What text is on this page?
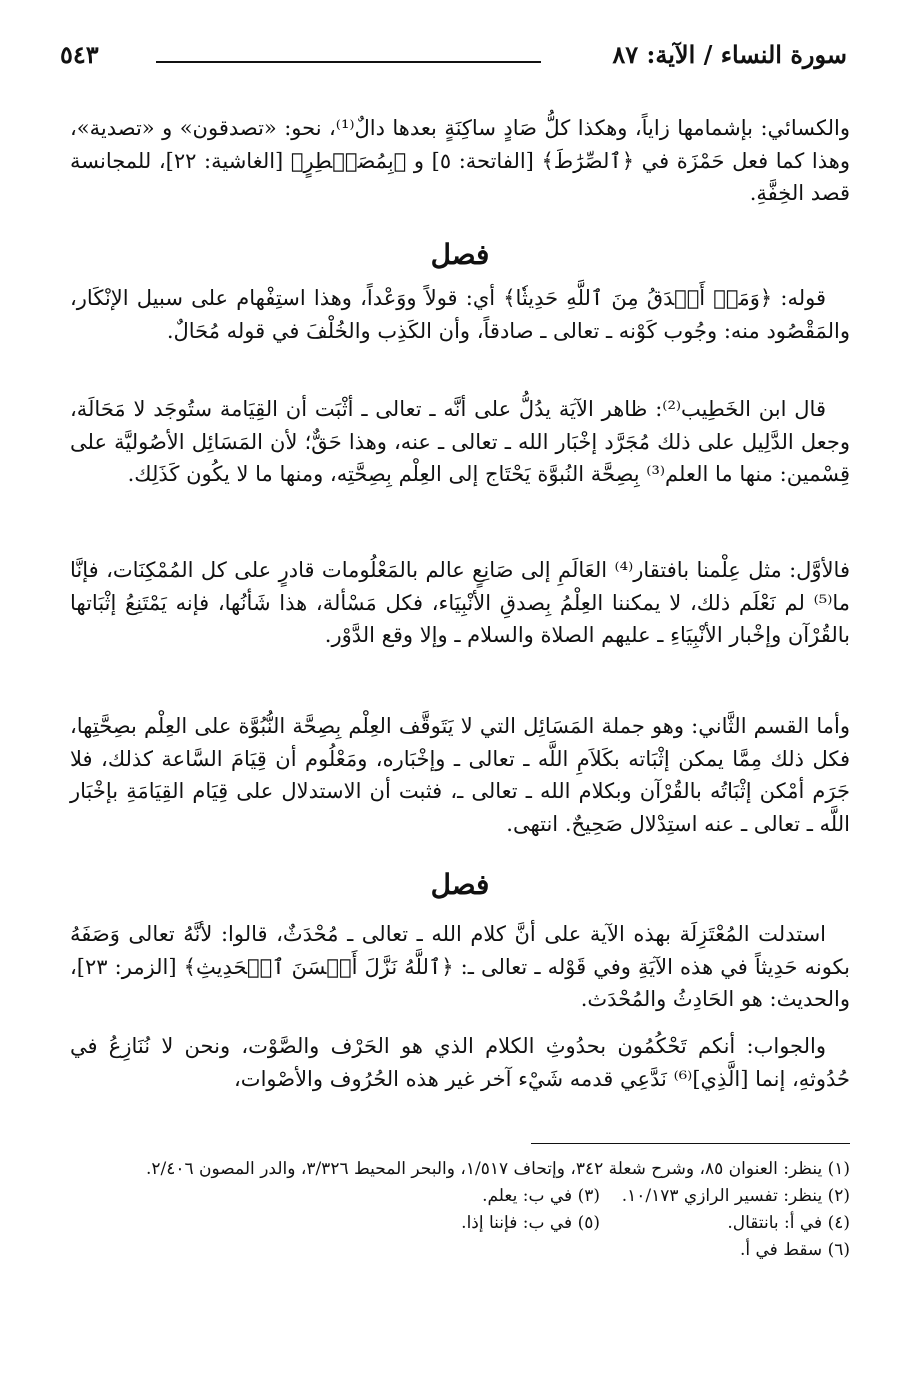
سورة النساء / الآية: ٨٧
٥٤٣

والكسائي: بإشمامها زاياً، وهكذا كلُّ صَادٍ ساكِنَةٍ بعدها دالٌ⁽¹⁾، نحو: «تصدقون» و «تصدية»، وهذا كما فعل حَمْزَة في ﴿ٱلصِّرَٰطَ﴾ [الفاتحة: ٥] و ﴿بِمُصَيۡطِرٍ﴾ [الغاشية: ٢٢]، للمجانسة قصد الخِفَّةِ.

فصل

قوله: ﴿وَمَنۡ أَصۡدَقُ مِنَ ٱللَّهِ حَدِيثٗا﴾ أي: قولاً ووَعْداً، وهذا استِفْهام على سبيل الإنْكَار، والمَقْصُود منه: وجُوب كَوْنه ـ تعالى ـ صادقاً، وأن الكَذِب والخُلْفَ في قوله مُحَالٌ.

قال ابن الخَطِيب⁽²⁾: ظاهر الآيَة يدُلُّ على أنَّه ـ تعالى ـ أثْبَت أن القِيَامة ستُوجَد لا مَحَالَة، وجعل الدَّلِيل على ذلك مُجَرَّد إخْبَار الله ـ تعالى ـ عنه، وهذا حَقٌّ؛ لأن المَسَائِل الأصُوليَّة على قِسْمين: منها ما العلم⁽³⁾ بِصِحَّة النُبوَّة يَحْتَاج إلى العِلْم بِصِحَّتِه، ومنها ما لا يكُون كَذَلِك.

فالأوَّل: مثل عِلْمنا بافتقار⁽⁴⁾ العَالَمِ إلى صَانِعٍ عالم بالمَعْلُومات قادرٍ على كل المُمْكِنَات، فإنَّا ما⁽⁵⁾ لم نَعْلَم ذلك، لا يمكننا العِلْمُ بِصدقِ الأنْبِيَاء، فكل مَسْألة، هذا شَأنُها، فإنه يَمْتَنِعُ إثْبَاتها بالقُرْآن وإخْبار الأنْبِيَاءِ ـ عليهم الصلاة والسلام ـ وإلا وقع الدَّوْر.

وأما القسم الثَّاني: وهو جملة المَسَائِل التي لا يَتَوقَّف العِلْم بِصِحَّة النُّبُوَّة على العِلْم بصِحَّتِها، فكل ذلك مِمَّا يمكن إثْبَاته بكَلاَمِ اللَّه ـ تعالى ـ وإخْبَاره، ومَعْلُوم أن قِيَامَ السَّاعة كذلك، فلا جَرَم أمْكن إثْبَاتُه بالقُرْآن وبكلام الله ـ تعالى ـ، فثبت أن الاستدلال على قِيَام القِيَامَةِ بإخْبَار اللَّه ـ تعالى ـ عنه استِدْلال صَحِيحٌ. انتهى.

فصل

استدلت المُعْتَزِلَة بهذه الآية على أنَّ كلام الله ـ تعالى ـ مُحْدَثٌ، قالوا: لأنَّهُ تعالى وَصَفَهُ بكونه حَدِيثاً في هذه الآيَةِ وفي قَوْله ـ تعالى ـ: ﴿ٱللَّهُ نَزَّلَ أَحۡسَنَ ٱلۡحَدِيثِ﴾ [الزمر: ٢٣]، والحديث: هو الحَادِثُ والمُحْدَث.

والجواب: أنكم تَحْكُمُون بحدُوثِ الكلام الذي هو الحَرْف والصَّوْت، ونحن لا نُنَازِعُ في حُدُوثهِ، إنما [الَّذِي]⁽⁶⁾ نَدَّعِي قدمه شَيْء آخر غير هذه الحُرُوف والأصْوات،

(١) ينظر: العنوان ٨٥، وشرح شعلة ٣٤٢، وإتحاف ١/٥١٧، والبحر المحيط ٣/٣٢٦، والدر المصون ٢/٤٠٦.
(٢) ينظر: تفسير الرازي ١٠/١٧٣.
(٣) في ب: يعلم.
(٤) في أ: بانتقال.
(٥) في ب: فإننا إذا.
(٦) سقط في أ.
